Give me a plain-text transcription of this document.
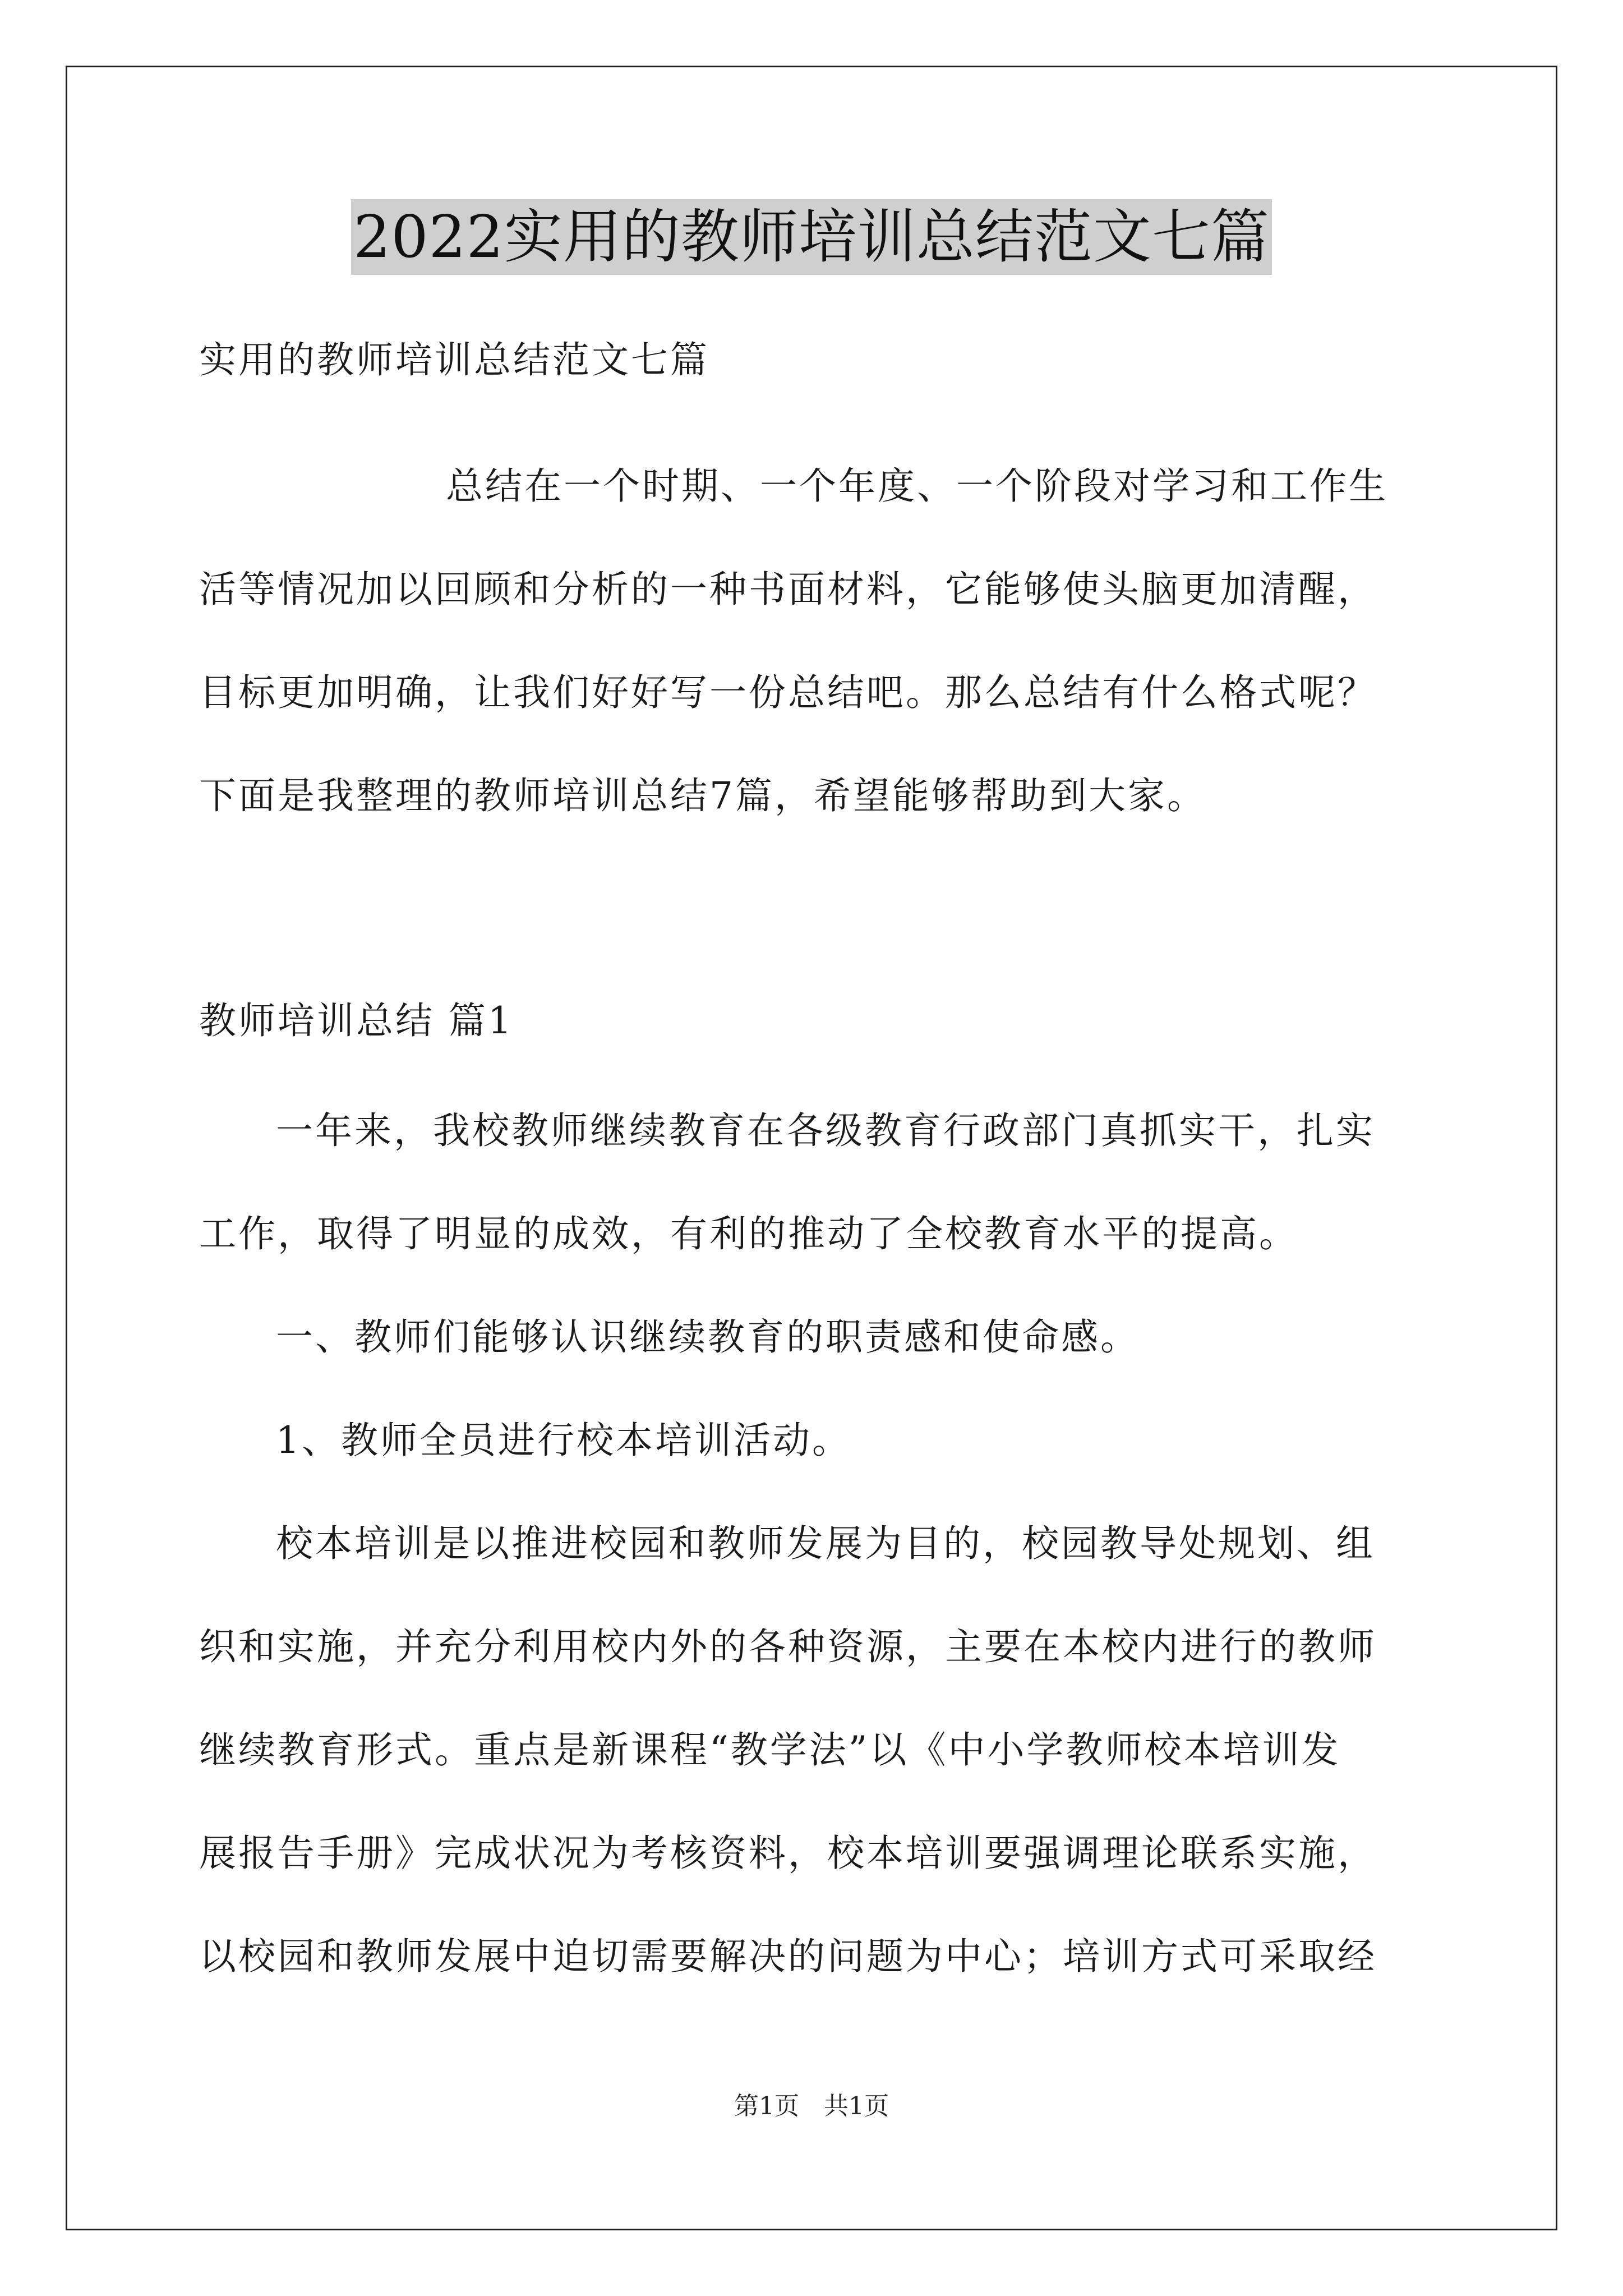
2022实用的教师培训总结范文七篇
实用的教师培训总结范文七篇
总结在一个时期、一个年度、一个阶段对学习和工作生
活等情况加以回顾和分析的一种书面材料，它能够使头脑更加清醒，
目标更加明确，让我们好好写一份总结吧。那么总结有什么格式呢？
下面是我整理的教师培训总结7篇，希望能够帮助到大家。
教师培训总结 篇1
一年来，我校教师继续教育在各级教育行政部门真抓实干，扎实
工作，取得了明显的成效，有利的推动了全校教育水平的提高。
一、教师们能够认识继续教育的职责感和使命感。
1、教师全员进行校本培训活动。
校本培训是以推进校园和教师发展为目的，校园教导处规划、组
织和实施，并充分利用校内外的各种资源，主要在本校内进行的教师
继续教育形式。重点是新课程“教学法”以《中小学教师校本培训发
展报告手册》完成状况为考核资料，校本培训要强调理论联系实施，
以校园和教师发展中迫切需要解决的问题为中心；培训方式可采取经
第1页　共1页
